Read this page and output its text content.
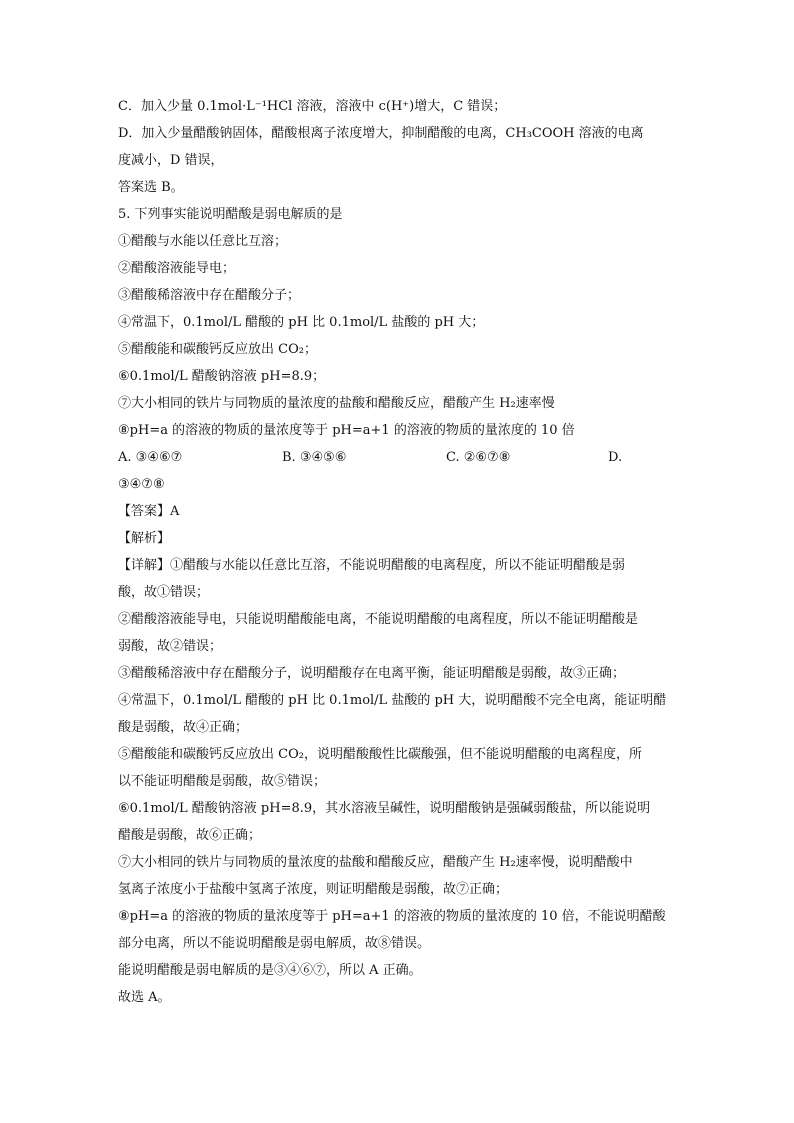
C．加入少量 0.1mol·L⁻¹HCl 溶液，溶液中 c(H⁺)增大，C 错误；
D．加入少量醋酸钠固体，醋酸根离子浓度增大，抑制醋酸的电离，CH₃COOH 溶液的电离
度减小，D 错误，
答案选 B。
5. 下列事实能说明醋酸是弱电解质的是
①醋酸与水能以任意比互溶；
②醋酸溶液能导电；
③醋酸稀溶液中存在醋酸分子；
④常温下，0.1mol/L 醋酸的 pH 比 0.1mol/L 盐酸的 pH 大；
⑤醋酸能和碳酸钙反应放出 CO₂；
⑥0.1mol/L 醋酸钠溶液 pH=8.9；
⑦大小相同的铁片与同物质的量浓度的盐酸和醋酸反应，醋酸产生 H₂速率慢
⑧pH=a 的溶液的物质的量浓度等于 pH=a+1 的溶液的物质的量浓度的 10 倍
A. ③④⑥⑦	B. ③④⑤⑥	C. ②⑥⑦⑧	D.
③④⑦⑧
【答案】A
【解析】
【详解】①醋酸与水能以任意比互溶，不能说明醋酸的电离程度，所以不能证明醋酸是弱
酸，故①错误；
②醋酸溶液能导电，只能说明醋酸能电离，不能说明醋酸的电离程度，所以不能证明醋酸是
弱酸，故②错误；
③醋酸稀溶液中存在醋酸分子，说明醋酸存在电离平衡，能证明醋酸是弱酸，故③正确；
④常温下，0.1mol/L 醋酸的 pH 比 0.1mol/L 盐酸的 pH 大，说明醋酸不完全电离，能证明醋
酸是弱酸，故④正确；
⑤醋酸能和碳酸钙反应放出 CO₂，说明醋酸酸性比碳酸强，但不能说明醋酸的电离程度，所
以不能证明醋酸是弱酸，故⑤错误；
⑥0.1mol/L 醋酸钠溶液 pH=8.9，其水溶液呈碱性，说明醋酸钠是强碱弱酸盐，所以能说明
醋酸是弱酸，故⑥正确；
⑦大小相同的铁片与同物质的量浓度的盐酸和醋酸反应，醋酸产生 H₂速率慢，说明醋酸中
氢离子浓度小于盐酸中氢离子浓度，则证明醋酸是弱酸，故⑦正确；
⑧pH=a 的溶液的物质的量浓度等于 pH=a+1 的溶液的物质的量浓度的 10 倍，不能说明醋酸
部分电离，所以不能说明醋酸是弱电解质，故⑧错误。
能说明醋酸是弱电解质的是③④⑥⑦，所以 A 正确。
故选 A。
